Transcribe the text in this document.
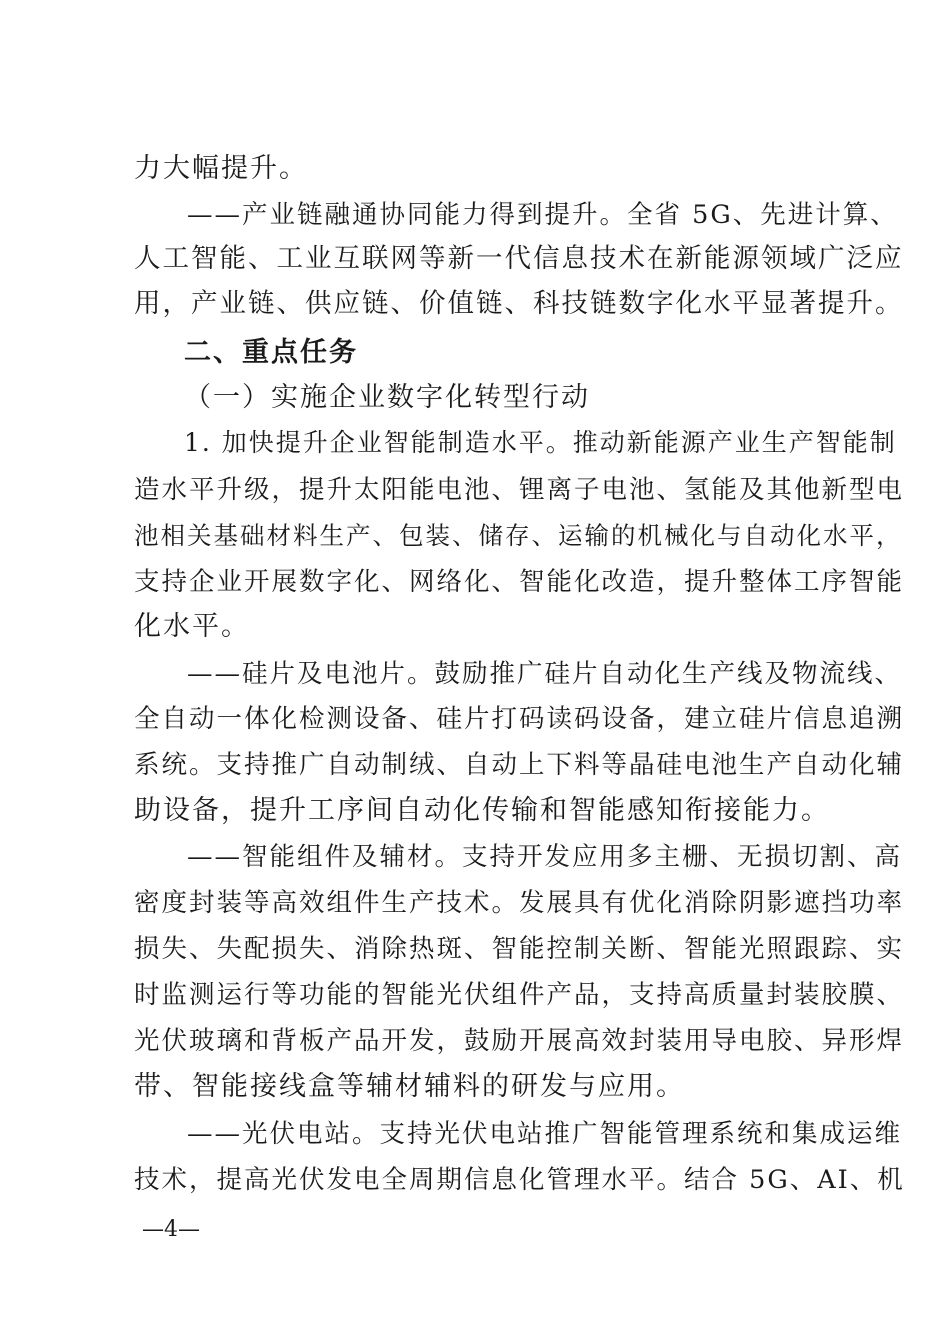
力大幅提升。
——产业链融通协同能力得到提升。全省 5G、先进计算、
人工智能、工业互联网等新一代信息技术在新能源领域广泛应
用，产业链、供应链、价值链、科技链数字化水平显著提升。
二、重点任务
（一）实施企业数字化转型行动
1. 加快提升企业智能制造水平。推动新能源产业生产智能制
造水平升级，提升太阳能电池、锂离子电池、氢能及其他新型电
池相关基础材料生产、包装、储存、运输的机械化与自动化水平，
支持企业开展数字化、网络化、智能化改造，提升整体工序智能
化水平。
——硅片及电池片。鼓励推广硅片自动化生产线及物流线、
全自动一体化检测设备、硅片打码读码设备，建立硅片信息追溯
系统。支持推广自动制绒、自动上下料等晶硅电池生产自动化辅
助设备，提升工序间自动化传输和智能感知衔接能力。
——智能组件及辅材。支持开发应用多主栅、无损切割、高
密度封装等高效组件生产技术。发展具有优化消除阴影遮挡功率
损失、失配损失、消除热斑、智能控制关断、智能光照跟踪、实
时监测运行等功能的智能光伏组件产品，支持高质量封装胶膜、
光伏玻璃和背板产品开发，鼓励开展高效封装用导电胶、异形焊
带、智能接线盒等辅材辅料的研发与应用。
——光伏电站。支持光伏电站推广智能管理系统和集成运维
技术，提高光伏发电全周期信息化管理水平。结合 5G、AI、机
—4—
